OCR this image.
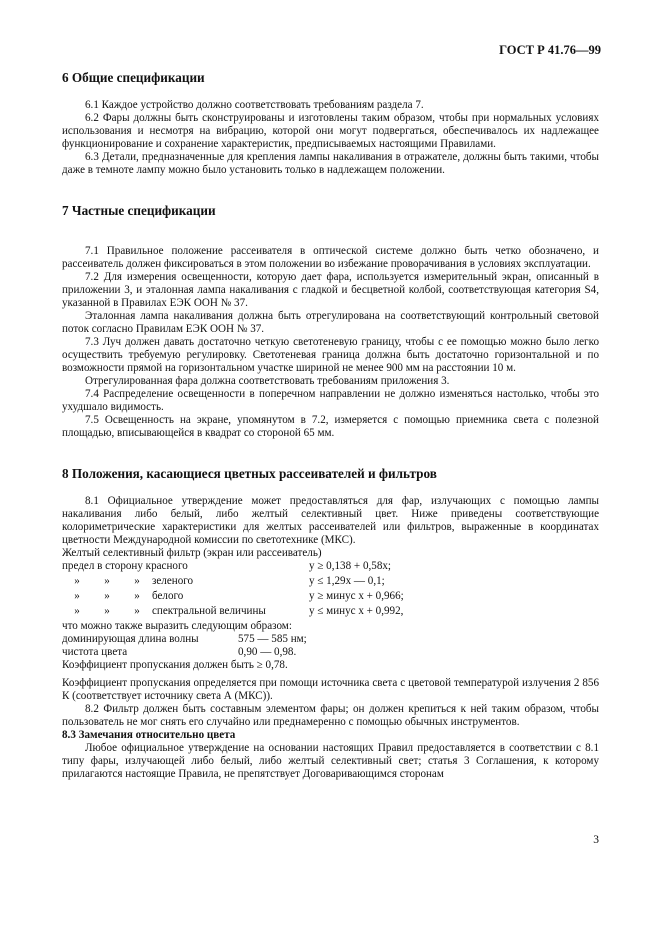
ГОСТ Р 41.76—99
6 Общие спецификации

6.1 Каждое устройство должно соответствовать требованиям раздела 7.

6.2 Фары должны быть сконструированы и изготовлены таким образом, чтобы при нормальных условиях использования и несмотря на вибрацию, которой они могут подвергаться, обеспечивалось их надлежащее функционирование и сохранение характеристик, предписываемых настоящими Правилами.

6.3 Детали, предназначенные для крепления лампы накаливания в отражателе, должны быть такими, чтобы даже в темноте лампу можно было установить только в надлежащем положении.

7 Частные спецификации

7.1 Правильное положение рассеивателя в оптической системе должно быть четко обозначено, и рассеиватель должен фиксироваться в этом положении во избежание проворачивания в условиях эксплуатации.

7.2 Для измерения освещенности, которую дает фара, используется измерительный экран, описанный в приложении 3, и эталонная лампа накаливания с гладкой и бесцветной колбой, соответствующая категория S4, указанной в Правилах ЕЭК ООН № 37.

Эталонная лампа накаливания должна быть отрегулирована на соответствующий контрольный световой поток согласно Правилам ЕЭК ООН № 37.

7.3 Луч должен давать достаточно четкую светотеневую границу, чтобы с ее помощью можно было легко осуществить требуемую регулировку. Светотеневая граница должна быть достаточно горизонтальной и по возможности прямой на горизонтальном участке шириной не менее 900 мм на расстоянии 10 м.

Отрегулированная фара должна соответствовать требованиям приложения 3.

7.4 Распределение освещенности в поперечном направлении не должно изменяться настолько, чтобы это ухудшало видимость.

7.5 Освещенность на экране, упомянутом в 7.2, измеряется с помощью приемника света с полезной площадью, вписывающейся в квадрат со стороной 65 мм.

8 Положения, касающиеся цветных рассеивателей и фильтров

8.1 Официальное утверждение может предоставляться для фар, излучающих с помощью лампы накаливания либо белый, либо желтый селективный цвет. Ниже приведены соответствующие колориметрические характеристики для желтых рассеивателей или фильтров, выраженные в координатах цветности Международной комиссии по светотехнике (МКС).

Желтый селективный фильтр (экран или рассеиватель)

предел в сторону красного	y ≥ 0,138 + 0,58x;
»	»	»	зеленого	y ≤ 1,29x — 0,1;
»	»	»	белого	y ≥ минус x + 0,966;
»	»	»	спектральной величины	y ≤ минус x + 0,992,

что можно также выразить следующим образом:

доминирующая длина волны	575 — 585 нм;
чистота цвета	0,90 — 0,98.

Коэффициент пропускания должен быть ≥ 0,78.

Коэффициент пропускания определяется при помощи источника света с цветовой температурой излучения 2 856 К (соответствует источнику света А (МКС)).

8.2 Фильтр должен быть составным элементом фары; он должен крепиться к ней таким образом, чтобы пользователь не мог снять его случайно или преднамеренно с помощью обычных инструментов.

8.3 Замечания относительно цвета

Любое официальное утверждение на основании настоящих Правил предоставляется в соответствии с 8.1 типу фары, излучающей либо белый, либо желтый селективный свет; статья 3 Соглашения, к которому прилагаются настоящие Правила, не препятствует Договаривающимся сторонам

3
